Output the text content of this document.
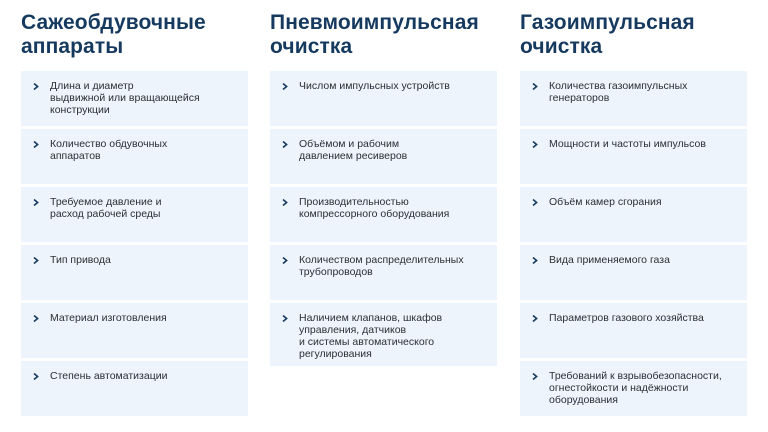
Сажеобдувочные
аппараты
Длина и диаметр
выдвижной или вращающейся
конструкции
Количество обдувочных
аппаратов
Требуемое давление и
расход рабочей среды
Тип привода
Материал изготовления
Степень автоматизации
Пневмоимпульсная
очистка
Числом импульсных устройств
Объёмом и рабочим
давлением ресиверов
Производительностью
компрессорного оборудования
Количеством распределительных
трубопроводов
Наличием клапанов, шкафов
управления, датчиков
и системы автоматического
регулирования
Газоимпульсная
очистка
Количества газоимпульсных
генераторов
Мощности и частоты импульсов
Объём камер сгорания
Вида применяемого газа
Параметров газового хозяйства
Требований к взрывобезопасности,
огнестойкости и надёжности
оборудования
